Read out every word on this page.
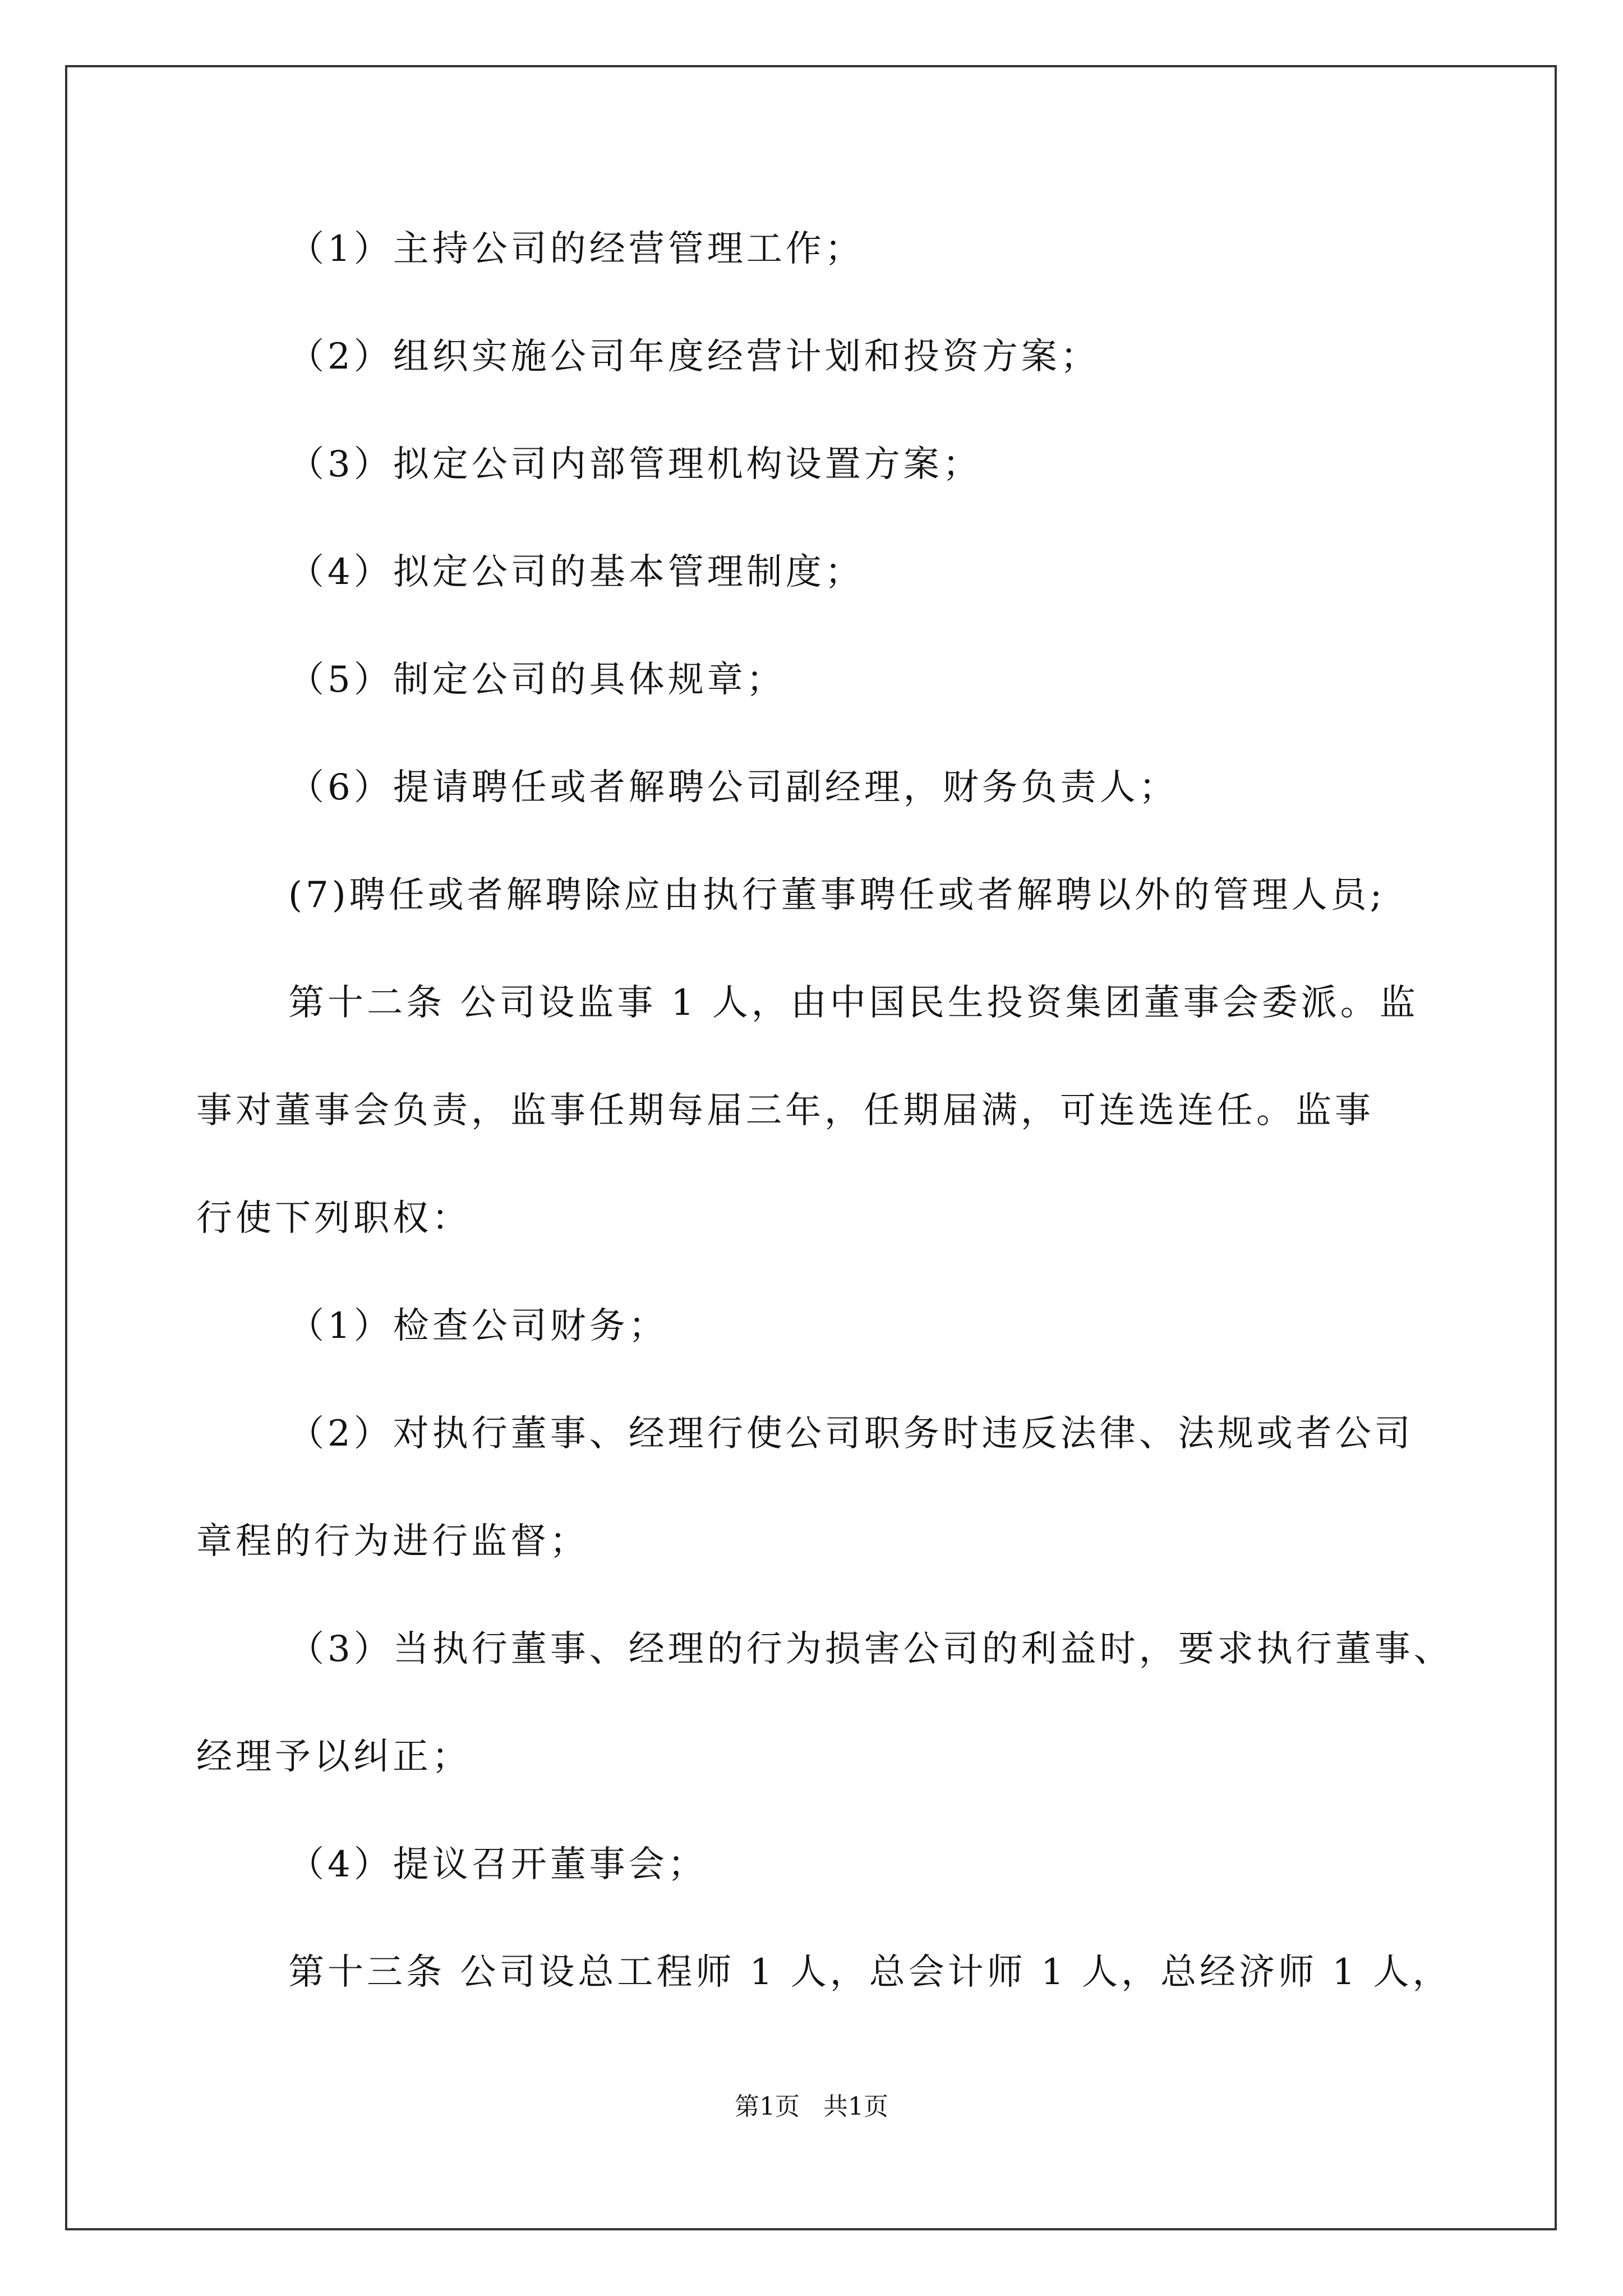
（1）主持公司的经营管理工作；
（2）组织实施公司年度经营计划和投资方案；
（3）拟定公司内部管理机构设置方案；
（4）拟定公司的基本管理制度；
（5）制定公司的具体规章；
（6）提请聘任或者解聘公司副经理，财务负责人；
(7)聘任或者解聘除应由执行董事聘任或者解聘以外的管理人员;
第十二条 公司设监事 1 人，由中国民生投资集团董事会委派。监
事对董事会负责，监事任期每届三年，任期届满，可连选连任。监事
行使下列职权：
（1）检查公司财务；
（2）对执行董事、经理行使公司职务时违反法律、法规或者公司
章程的行为进行监督；
（3）当执行董事、经理的行为损害公司的利益时，要求执行董事、
经理予以纠正；
（4）提议召开董事会；
第十三条 公司设总工程师 1 人，总会计师 1 人，总经济师 1 人，
第1页   共1页
